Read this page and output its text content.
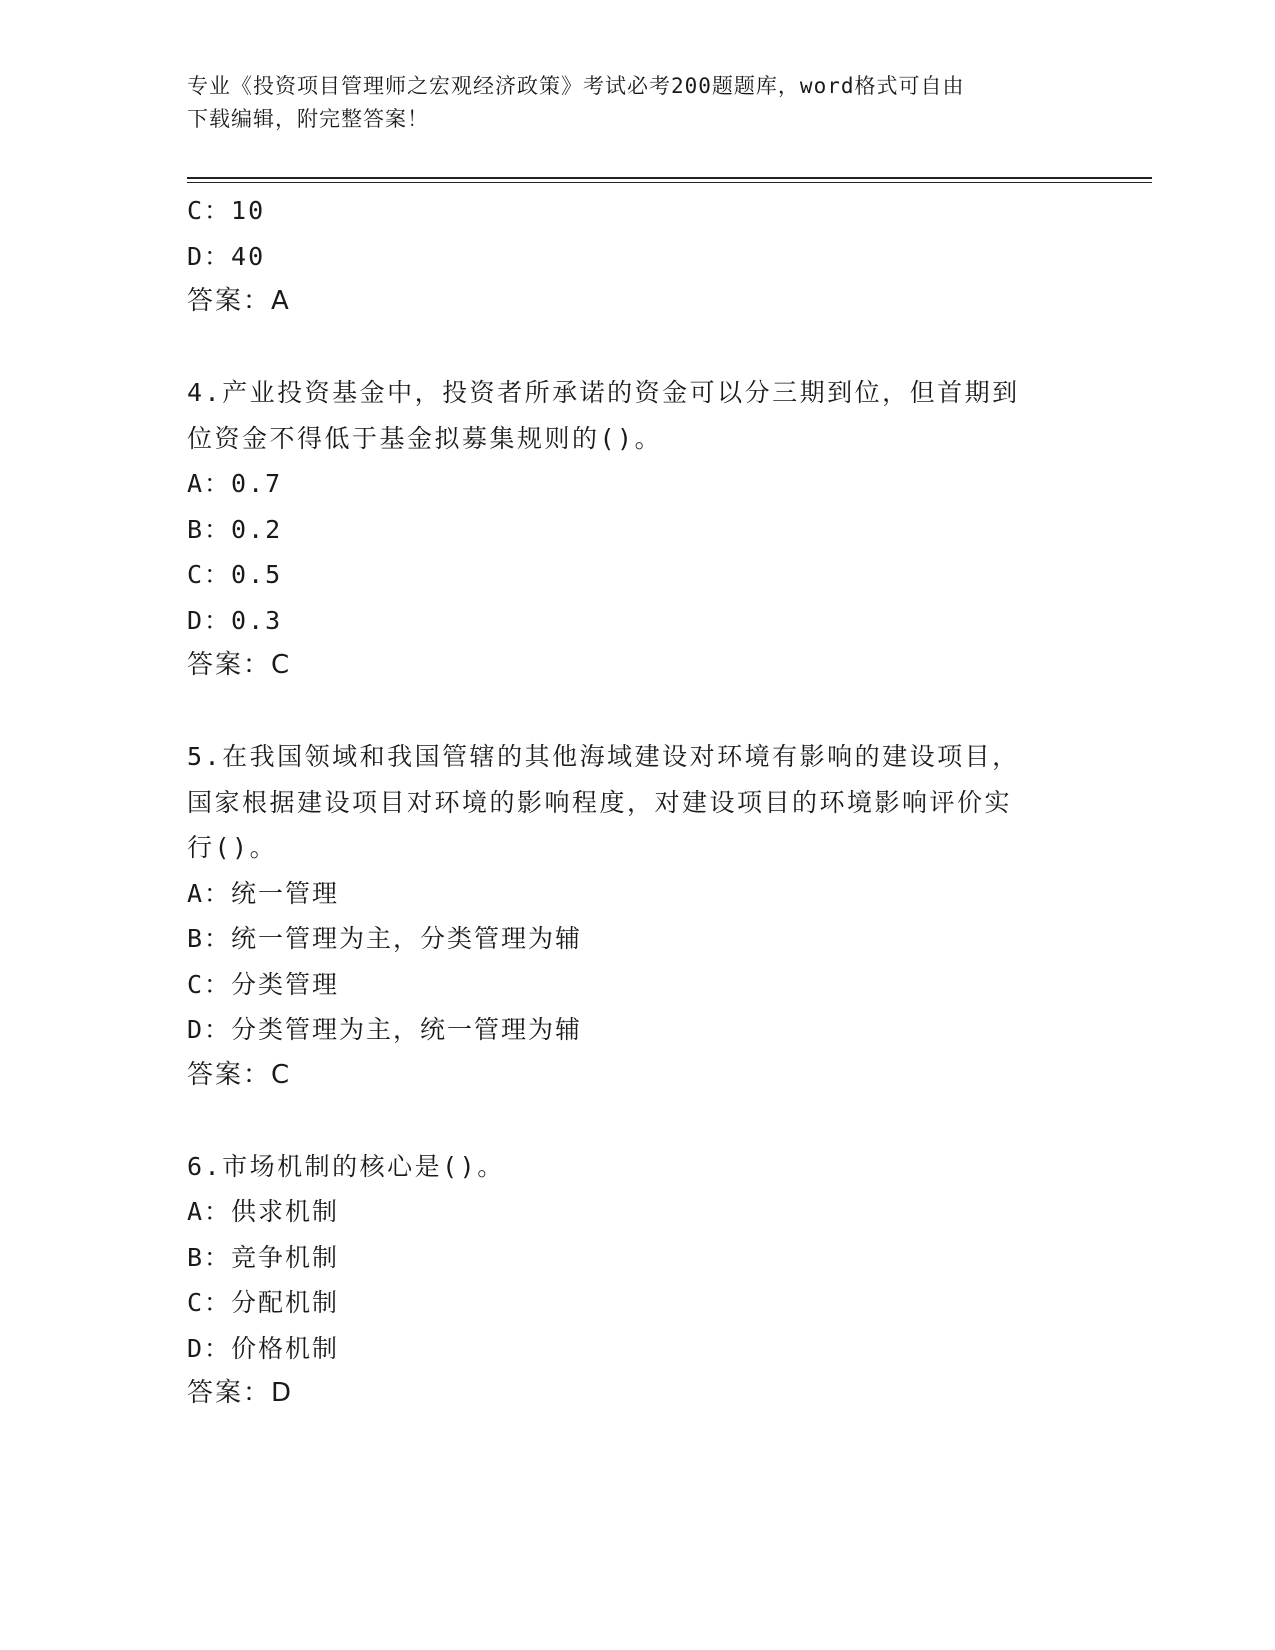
专业《投资项目管理师之宏观经济政策》考试必考200题题库，word格式可自由
下载编辑，附完整答案！
C：10
D：40
答案：A
4.产业投资基金中，投资者所承诺的资金可以分三期到位，但首期到
位资金不得低于基金拟募集规则的()。
A：0.7
B：0.2
C：0.5
D：0.3
答案：C
5.在我国领域和我国管辖的其他海域建设对环境有影响的建设项目，
国家根据建设项目对环境的影响程度，对建设项目的环境影响评价实
行()。
A：统一管理
B：统一管理为主，分类管理为辅
C：分类管理
D：分类管理为主，统一管理为辅
答案：C
6.市场机制的核心是()。
A：供求机制
B：竞争机制
C：分配机制
D：价格机制
答案：D
